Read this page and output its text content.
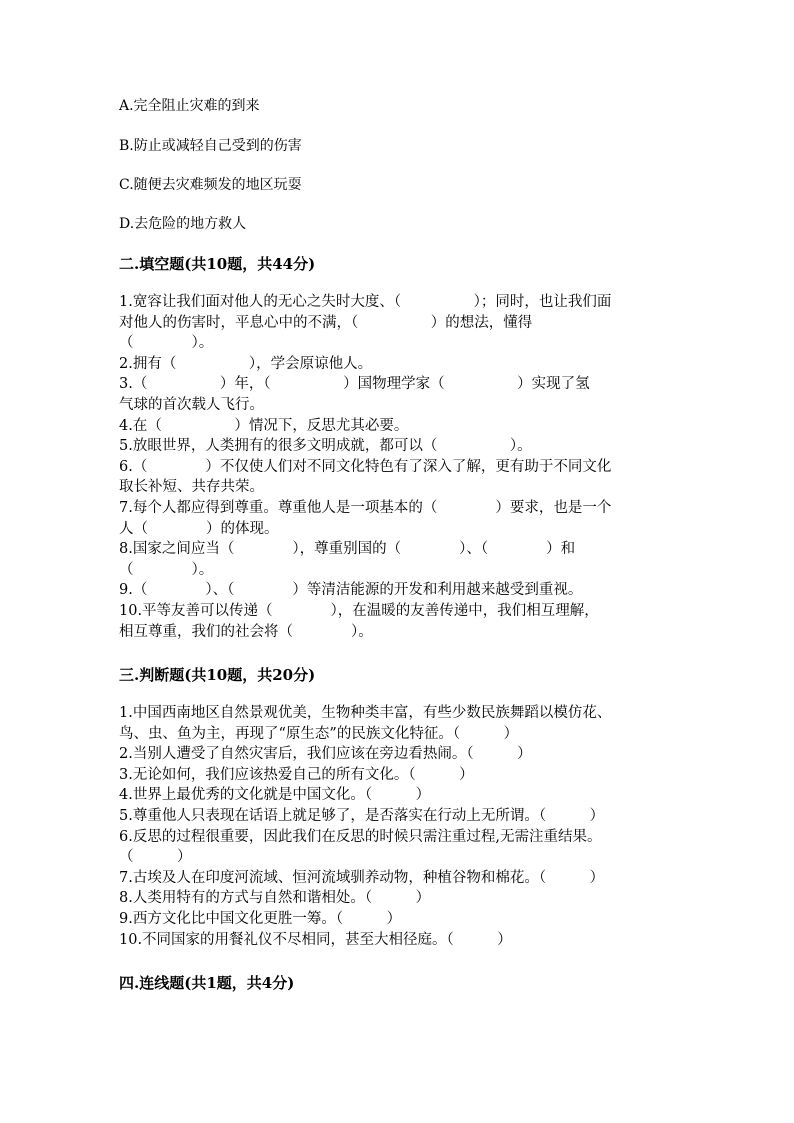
A.完全阻止灾难的到来
B.防止或减轻自己受到的伤害
C.随便去灾难频发的地区玩耍
D.去危险的地方救人
二.填空题(共10题，共44分)
1.宽容让我们面对他人的无心之失时大度、（　　　　　）；同时，也让我们面
对他人的伤害时，平息心中的不满，（　　　　　）的想法，懂得
（　　　　）。
2.拥有（　　　　　），学会原谅他人。
3.（　　　　　）年，（　　　　　）国物理学家（　　　　　）实现了氢
气球的首次载人飞行。
4.在（　　　　　）情况下，反思尤其必要。
5.放眼世界，人类拥有的很多文明成就，都可以（　　　　　）。
6.（　　　　）不仅使人们对不同文化特色有了深入了解，更有助于不同文化
取长补短、共存共荣。
7.每个人都应得到尊重。尊重他人是一项基本的（　　　　）要求，也是一个
人（　　　　）的体现。
8.国家之间应当（　　　　），尊重别国的（　　　　）、（　　　　）和
（　　　　）。
9.（　　　　）、（　　　　）等清洁能源的开发和利用越来越受到重视。
10.平等友善可以传递（　　　　），在温暖的友善传递中，我们相互理解，
相互尊重，我们的社会将（　　　　）。
三.判断题(共10题，共20分)
1.中国西南地区自然景观优美，生物种类丰富，有些少数民族舞蹈以模仿花、
鸟、虫、鱼为主，再现了“原生态”的民族文化特征。（　　　）
2.当别人遭受了自然灾害后，我们应该在旁边看热闹。（　　　）
3.无论如何，我们应该热爱自己的所有文化。（　　　）
4.世界上最优秀的文化就是中国文化。（　　　）
5.尊重他人只表现在话语上就足够了，是否落实在行动上无所谓。（　　　）
6.反思的过程很重要，因此我们在反思的时候只需注重过程,无需注重结果。
（　　　）
7.古埃及人在印度河流域、恒河流域驯养动物，种植谷物和棉花。（　　　）
8.人类用特有的方式与自然和谐相处。（　　　）
9.西方文化比中国文化更胜一筹。（　　　）
10.不同国家的用餐礼仪不尽相同，甚至大相径庭。（　　　）
四.连线题(共1题，共4分)
